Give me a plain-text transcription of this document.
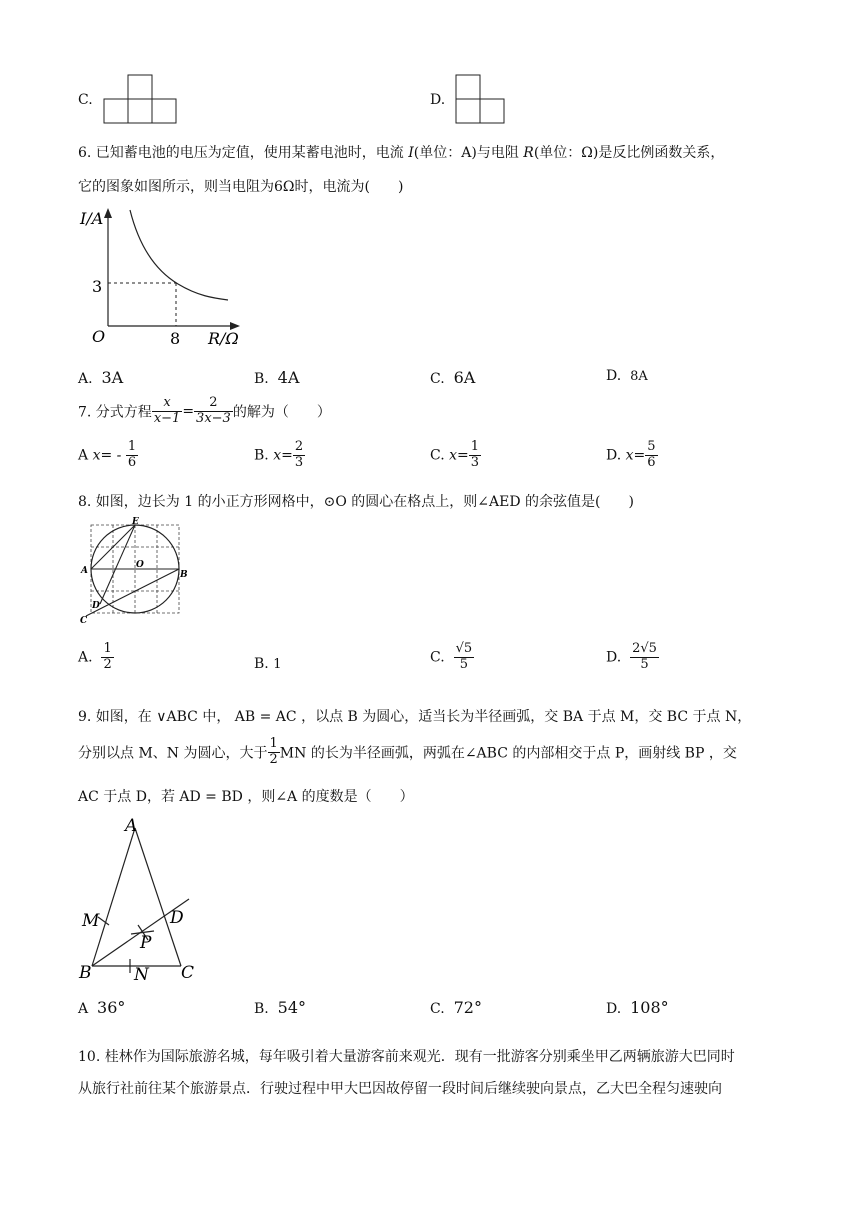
C.	D.
6. 已知蓄电池的电压为定值，使用某蓄电池时，电流 I(单位：A)与电阻 R(单位：Ω)是反比例函数关系，
它的图象如图所示，则当电阻为6Ω时，电流为(　　)
I/A
3
8
O	R/Ω
A. 3A	B. 4A	C. 6A	D. 8A
7. 分式方程 $\frac{x}{x-1} = \frac{2}{3x-3}$ 的解为（　　）
A $x= - \frac{1}{6}$	B. $x= \frac{2}{3}$	C. $x= \frac{1}{3}$	D. $x= \frac{5}{6}$
8. 如图，边长为 1 的小正方形网格中，⊙O 的圆心在格点上，则∠AED 的余弦值是(　　)
E
A
O
B
D
C
A. $\frac{1}{2}$	B. 1	C. $\frac{√5}{5}$	D. $\frac{2√5}{5}$
9. 如图，在 ∨ABC 中， AB = AC ，以点 B 为圆心，适当长为半径画弧，交 BA 于点 M，交 BC 于点 N，
分别以点 M、N 为圆心，大于 $\frac{1}{2}$ MN 的长为半径画弧，两弧在∠ABC 的内部相交于点 P，画射线 BP ，交
AC 于点 D，若 AD = BD ，则∠A 的度数是（　　）
A
M	D
P
B	N C
A 36°	B. 54°	C. 72°	D. 108°
10. 桂林作为国际旅游名城，每年吸引着大量游客前来观光．现有一批游客分别乘坐甲乙两辆旅游大巴同时
从旅行社前往某个旅游景点．行驶过程中甲大巴因故停留一段时间后继续驶向景点，乙大巴全程匀速驶向
